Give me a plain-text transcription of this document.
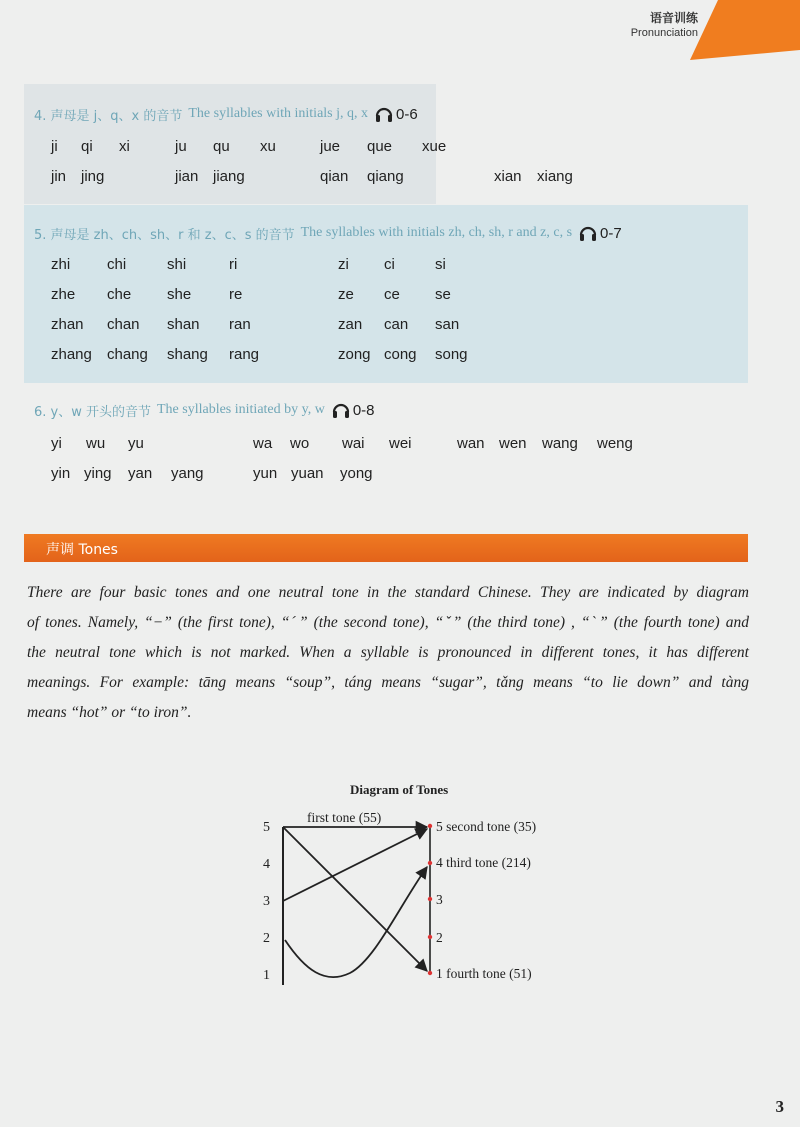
语音训练
Pronunciation
4. 声母是 j、q、x 的音节 The syllables with initials j, q, x 0-6
ji qi xi	ju qu xu	jue que xue
jin jing	jian jiang	qian qiang	xian xiang
5. 声母是 zh、ch、sh、r 和 z、c、s 的音节 The syllables with initials zh, ch, sh, r and z, c, s 0-7
zhi chi	shi	ri	zi ci	si
zhe che she	re	ze ce se
zhan chan shan ran	zan can san
zhang chang shang rang	zong cong song
6. y、w 开头的音节 The syllables initiated by y, w 0-8
yi wu yu	wa wo wai wei	wan wen wang weng
yin ying yan yang	yun yuan yong
声调 Tones
There are four basic tones and one neutral tone in the standard Chinese. They are indicated by diagram
of tones. Namely, “−” (the first tone), “ˊ” (the second tone), “ˇ” (the third tone) , “ˋ” (the fourth tone) and
the neutral tone which is not marked. When a syllable is pronounced in different tones, it has different
meanings. For example: tāng means “soup”, táng means “sugar”, tǎng means “to lie down” and tàng
means “hot” or “to iron”.
Diagram of Tones
5
4
3
2
1
5 second tone (35)
4 third tone (214)
3
2
1 fourth tone (51)
first tone (55)
3
